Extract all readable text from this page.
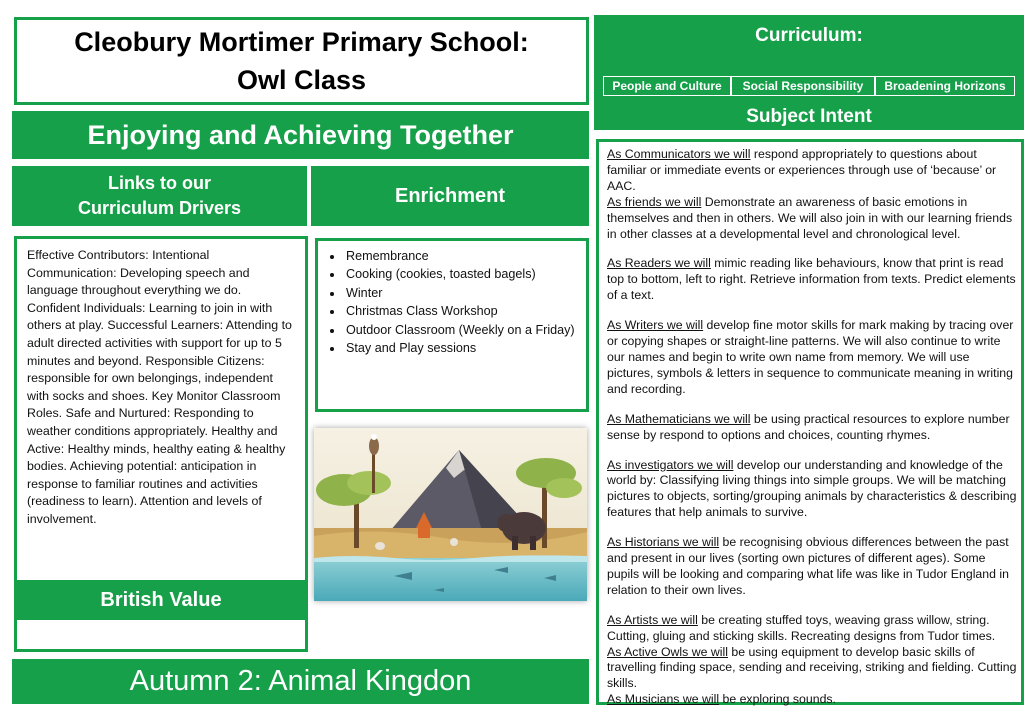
Cleobury Mortimer Primary School:
Owl Class
Enjoying and Achieving Together
Links to our
Curriculum Drivers
Enrichment
Effective Contributors: Intentional Communication: Developing speech and language throughout everything we do. Confident Individuals: Learning to join in with others at play. Successful Learners: Attending to adult directed activities with support for up to 5 minutes and beyond. Responsible Citizens: responsible for own belongings, independent with socks and shoes. Key Monitor Classroom Roles. Safe and Nurtured: Responding to weather conditions appropriately. Healthy and Active: Healthy minds, healthy eating & healthy bodies. Achieving potential: anticipation in response to familiar routines and activities (readiness to learn). Attention and levels of involvement.
British Value
• Remembrance
• Cooking (cookies, toasted bagels)
• Winter
• Christmas Class Workshop
• Outdoor Classroom (Weekly on a Friday)
• Stay and Play sessions
Autumn 2: Animal Kingdon
Curriculum:
People and Culture	Social Responsibility	Broadening Horizons
Subject Intent

As Communicators we will respond appropriately to questions about familiar or immediate events or experiences through use of ‘because’ or AAC.

As friends we will Demonstrate an awareness of basic emotions in themselves and then in others. We will also join in with our learning friends in other classes at a developmental level and chronological level.

As Readers we will mimic reading like behaviours, know that print is read top to bottom, left to right. Retrieve information from texts. Predict elements of a text.

As Writers we will develop fine motor skills for mark making by tracing over or copying shapes or straight-line patterns. We will also continue to write our names and begin to write own name from memory. We will use pictures, symbols & letters in sequence to communicate meaning in writing and recording.

As Mathematicians we will be using practical resources to explore number sense by respond to options and choices, counting rhymes.

As investigators we will develop our understanding and knowledge of the world by: Classifying living things into simple groups. We will be matching pictures to objects, sorting/grouping animals by characteristics & describing features that help animals to survive.

As Historians we will be recognising obvious differences between the past and present in our lives (sorting own pictures of different ages). Some pupils will be looking and comparing what life was like in Tudor England in relation to their own lives.

As Artists we will be creating stuffed toys, weaving grass willow, string. Cutting, gluing and sticking skills. Recreating designs from Tudor times.

As Active Owls we will be using equipment to develop basic skills of travelling finding space, sending and receiving, striking and fielding. Cutting skills.

As Musicians we will be exploring sounds.
